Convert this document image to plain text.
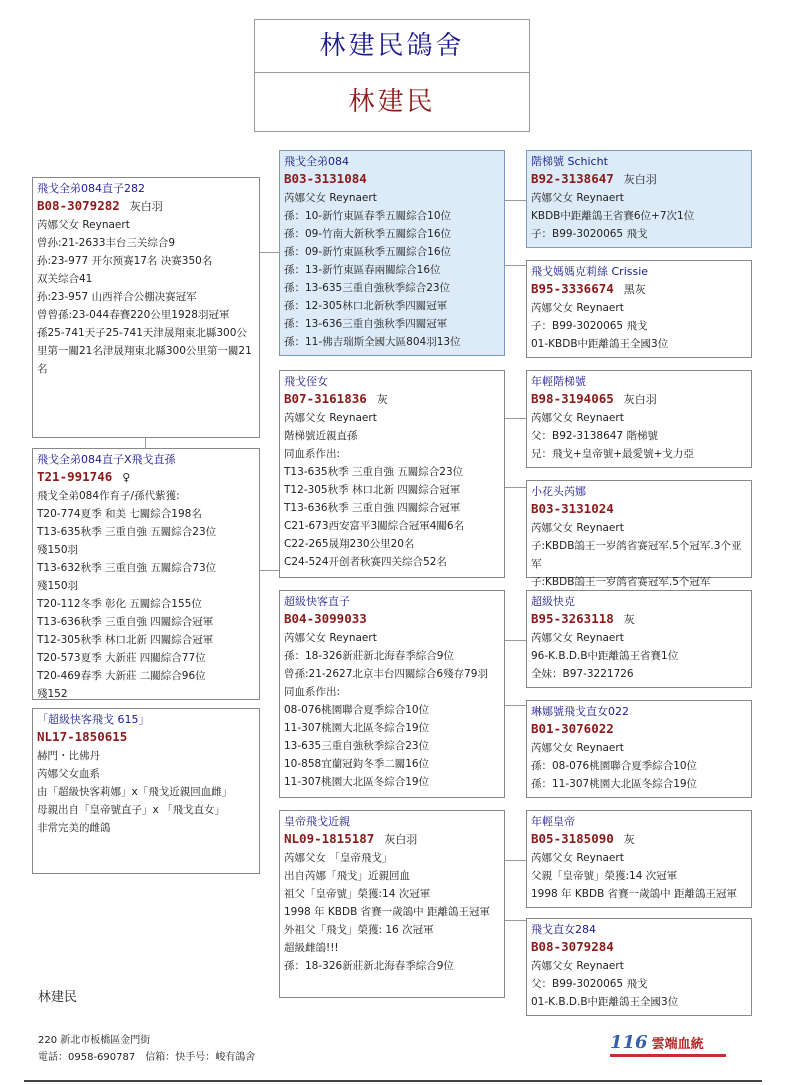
林建民鴿舍
林建民
飛戈全弟084直子282
B08-3079282 灰白羽
芮娜父女 Reynaert
曾孙:21-2633丰台三关综合9
孙:23-977 开尔预赛17名 决赛350名
双关综合41
孙:23-957 山西祥合公棚决赛冠军
曾曾孫:23-044春賽220公里1928羽冠軍
孫25-741天子25-741天津晟翔東北縣300公里第一關21名津晟翔東北縣300公里第一關21名
飛戈全弟084直子X飛戈直孫
T21-991746 ♀
飛戈全弟084作育子/孫代紫獲:
T20-774夏季 和美 七關綜合198名
T13-635秋季 三重自強 五關綜合23位
殘150羽
T13-632秋季 三重自強 五關綜合73位
殘150羽
T20-112冬季 彰化 五關綜合155位
T13-636秋季 三重自強 四關綜合冠軍
T12-305秋季 林口北新 四關綜合冠軍
T20-573夏季 大新莊 四關綜合77位
T20-469春季 大新莊 二關綜合96位
殘152
「超級快客飛戈 615」
NL17-1850615
赫門・比佛丹
芮娜父女血系
由「超級快客莉娜」x「飛戈近親回血雌」
母親出自「皇帝號直子」x 「飛戈直女」
非常完美的雌鴿
飛戈全弟084
B03-3131084
芮娜父女 Reynaert
孫：10-新竹東區春季五關綜合10位
孫：09-竹南大新秋季五關綜合16位
孫：09-新竹東區秋季五關綜合16位
孫：13-新竹東區春兩關綜合16位
孫：13-635三重自強秋季綜合23位
孫：12-305林口北新秋季四關冠軍
孫：13-636三重自強秋季四關冠軍
孫：11-佛吉瑞斯全國大區804羽13位
飛戈侄女
B07-3161836 灰
芮娜父女 Reynaert
階梯號近親直孫
同血系作出:
T13-635秋季 三重自強 五關綜合23位
T12-305秋季 林口北新 四關綜合冠軍
T13-636秋季 三重自強 四關綜合冠軍
C21-673西安富平3關綜合冠軍4關6名
C22-265晟翔230公里20名
C24-524开创者秋赛四关综合52名
超級快客直子
B04-3099033
芮娜父女 Reynaert
孫：18-326新莊新北海春季綜合9位
曾孫:21-2627北京丰台四關綜合6殘存79羽
同血系作出:
08-076桃園聯合夏季綜合10位
11-307桃園大北區冬綜合19位
13-635三重自強秋季綜合23位
10-858宜蘭冠鈞冬季二關16位
11-307桃園大北區冬綜合19位
皇帝飛戈近親
NL09-1815187 灰白羽
芮娜父女 「皇帝飛戈」
出自芮娜「飛戈」近親回血
祖父「皇帝號」榮獲:14 次冠軍
1998 年 KBDB 省賽一歲鴿中 距離鴿王冠軍
外祖父「飛戈」榮獲: 16 次冠軍
超級雌鴿!!!
孫：18-326新莊新北海春季綜合9位
階梯號 Schicht
B92-3138647 灰白羽
芮娜父女 Reynaert
KBDB中距離鴿王省賽6位+7次1位
子：B99-3020065 飛戈
飛戈媽媽克莉絲 Crissie
B95-3336674 黑灰
芮娜父女 Reynaert
子：B99-3020065 飛戈
01-KBDB中距離鴿王全國3位
年輕階梯號
B98-3194065 灰白羽
芮娜父女 Reynaert
父：B92-3138647 階梯號
兄：飛戈+皇帝號+最愛號+戈力亞
小花头芮娜
B03-3131024
芮娜父女 Reynaert
子:KBDB鴿王一岁鸽省赛冠军.5个冠军.3个亚军
子:KBDB鴿王一岁鸽省赛冠军.5个冠军
超級快克
B95-3263118 灰
芮娜父女 Reynaert
96-K.B.D.B中距離鴿王省賽1位
全妹：B97-3221726
琳娜號飛戈直女022
B01-3076022
芮娜父女 Reynaert
孫：08-076桃園聯合夏季綜合10位
孫：11-307桃園大北區冬綜合19位
年輕皇帝
B05-3185090 灰
芮娜父女 Reynaert
父親「皇帝號」榮獲:14 次冠軍
1998 年 KBDB 省賽一歲鴿中 距離鴿王冠軍
飛戈直女284
B08-3079284
芮娜父女 Reynaert
父：B99-3020065 飛戈
01-K.B.D.B中距離鴿王全國3位
林建民
220 新北市板橋區金門街
電話：0958-690787　信箱：快手号：峻有鴿舍
116 雲端血統
